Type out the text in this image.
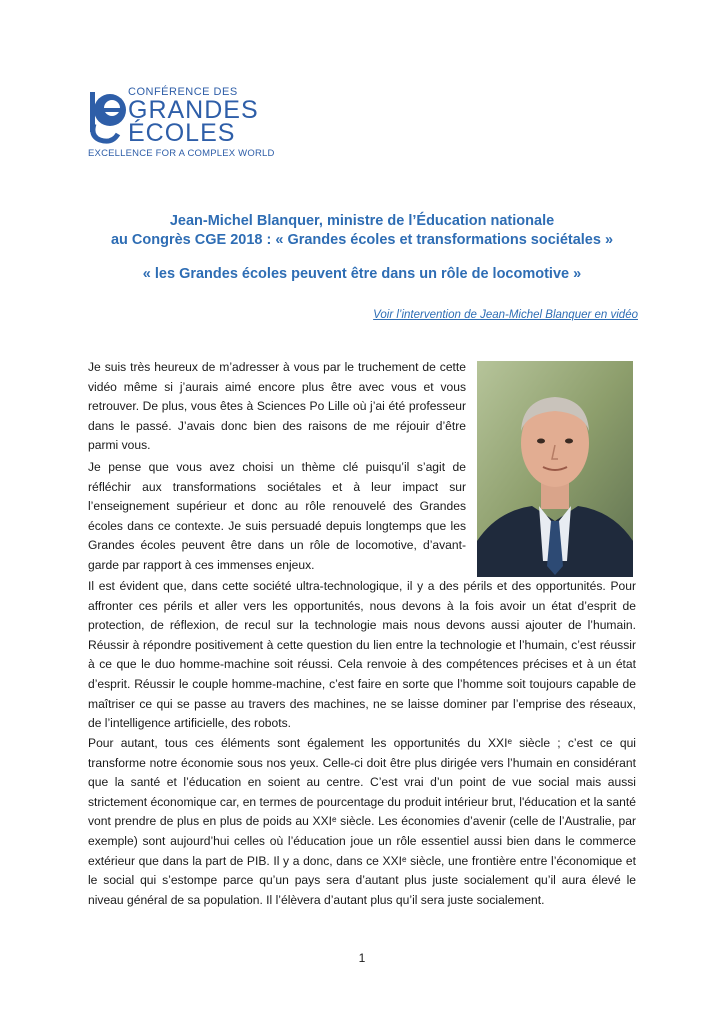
CONFÉRENCE DES
GRANDES
ÉCOLES
EXCELLENCE FOR A COMPLEX WORLD
Jean-Michel Blanquer, ministre de l’Éducation nationale
au Congrès CGE 2018 : « Grandes écoles et transformations sociétales »
« les Grandes écoles peuvent être dans un rôle de locomotive »
Voir l’intervention de Jean-Michel Blanquer en vidéo

Je suis très heureux de m’adresser à vous par le truchement de cette vidéo même si j’aurais aimé encore plus être avec vous et vous retrouver. De plus, vous êtes à Sciences Po Lille où j’ai été professeur dans le passé. J’avais donc bien des raisons de me réjouir d’être parmi vous.

Je pense que vous avez choisi un thème clé puisqu’il s’agit de réfléchir aux transformations sociétales et à leur impact sur l’enseignement supérieur et donc au rôle renouvelé des Grandes écoles dans ce contexte. Je suis persuadé depuis longtemps que les Grandes écoles peuvent être dans un rôle de locomotive, d’avant-garde par rapport à ces immenses enjeux.

Il est évident que, dans cette société ultra-technologique, il y a des périls et des opportunités. Pour affronter ces périls et aller vers les opportunités, nous devons à la fois avoir un état d’esprit de protection, de réflexion, de recul sur la technologie mais nous devons aussi ajouter de l’humain. Réussir à répondre positivement à cette question du lien entre la technologie et l’humain, c’est réussir à ce que le duo homme-machine soit réussi. Cela renvoie à des compétences précises et à un état d’esprit. Réussir le couple homme-machine, c’est faire en sorte que l’homme soit toujours capable de maîtriser ce qui se passe au travers des machines, ne se laisse dominer par l’emprise des réseaux, de l’intelligence artificielle, des robots.

Pour autant, tous ces éléments sont également les opportunités du XXIᵉ siècle ; c’est ce qui transforme notre économie sous nos yeux. Celle-ci doit être plus dirigée vers l’humain en considérant que la santé et l’éducation en soient au centre. C’est vrai d’un point de vue social mais aussi strictement économique car, en termes de pourcentage du produit intérieur brut, l'éducation et la santé vont prendre de plus en plus de poids au XXIᵉ siècle. Les économies d’avenir (celle de l’Australie, par exemple) sont aujourd’hui celles où l’éducation joue un rôle essentiel aussi bien dans le commerce extérieur que dans la part de PIB. Il y a donc, dans ce XXIᵉ siècle, une frontière entre l’économique et le social qui s’estompe parce qu’un pays sera d’autant plus juste socialement qu’il aura élevé le niveau général de sa population. Il l’élèvera d’autant plus qu’il sera juste socialement.

1
